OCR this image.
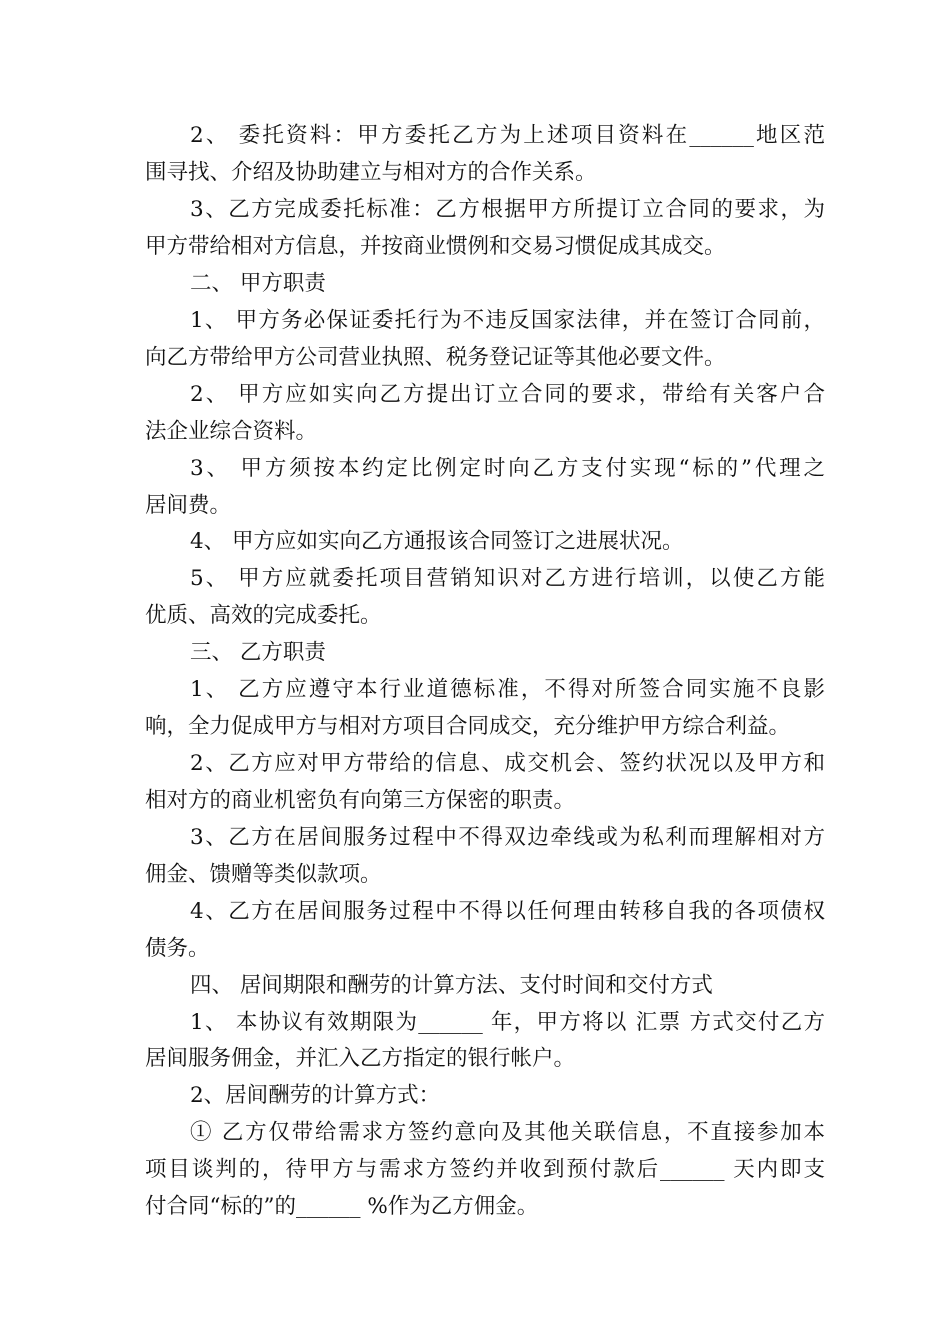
2、 委托资料：甲方委托乙方为上述项目资料在______地区范
围寻找、介绍及协助建立与相对方的合作关系。
3、乙方完成委托标准：乙方根据甲方所提订立合同的要求，为
甲方带给相对方信息，并按商业惯例和交易习惯促成其成交。
二、 甲方职责
1、 甲方务必保证委托行为不违反国家法律，并在签订合同前，
向乙方带给甲方公司营业执照、税务登记证等其他必要文件。
2、 甲方应如实向乙方提出订立合同的要求，带给有关客户合
法企业综合资料。
3、 甲方须按本约定比例定时向乙方支付实现“标的”代理之
居间费。
4、 甲方应如实向乙方通报该合同签订之进展状况。
5、 甲方应就委托项目营销知识对乙方进行培训，以使乙方能
优质、高效的完成委托。
三、 乙方职责
1、 乙方应遵守本行业道德标准，不得对所签合同实施不良影
响，全力促成甲方与相对方项目合同成交，充分维护甲方综合利益。
2、乙方应对甲方带给的信息、成交机会、签约状况以及甲方和
相对方的商业机密负有向第三方保密的职责。
3、乙方在居间服务过程中不得双边牵线或为私利而理解相对方
佣金、馈赠等类似款项。
4、乙方在居间服务过程中不得以任何理由转移自我的各项债权
债务。
四、 居间期限和酬劳的计算方法、支付时间和交付方式
1、 本协议有效期限为______ 年，甲方将以 汇票 方式交付乙方
居间服务佣金，并汇入乙方指定的银行帐户。
2、居间酬劳的计算方式：
① 乙方仅带给需求方签约意向及其他关联信息，不直接参加本
项目谈判的，待甲方与需求方签约并收到预付款后______ 天内即支
付合同“标的”的______ %作为乙方佣金。
